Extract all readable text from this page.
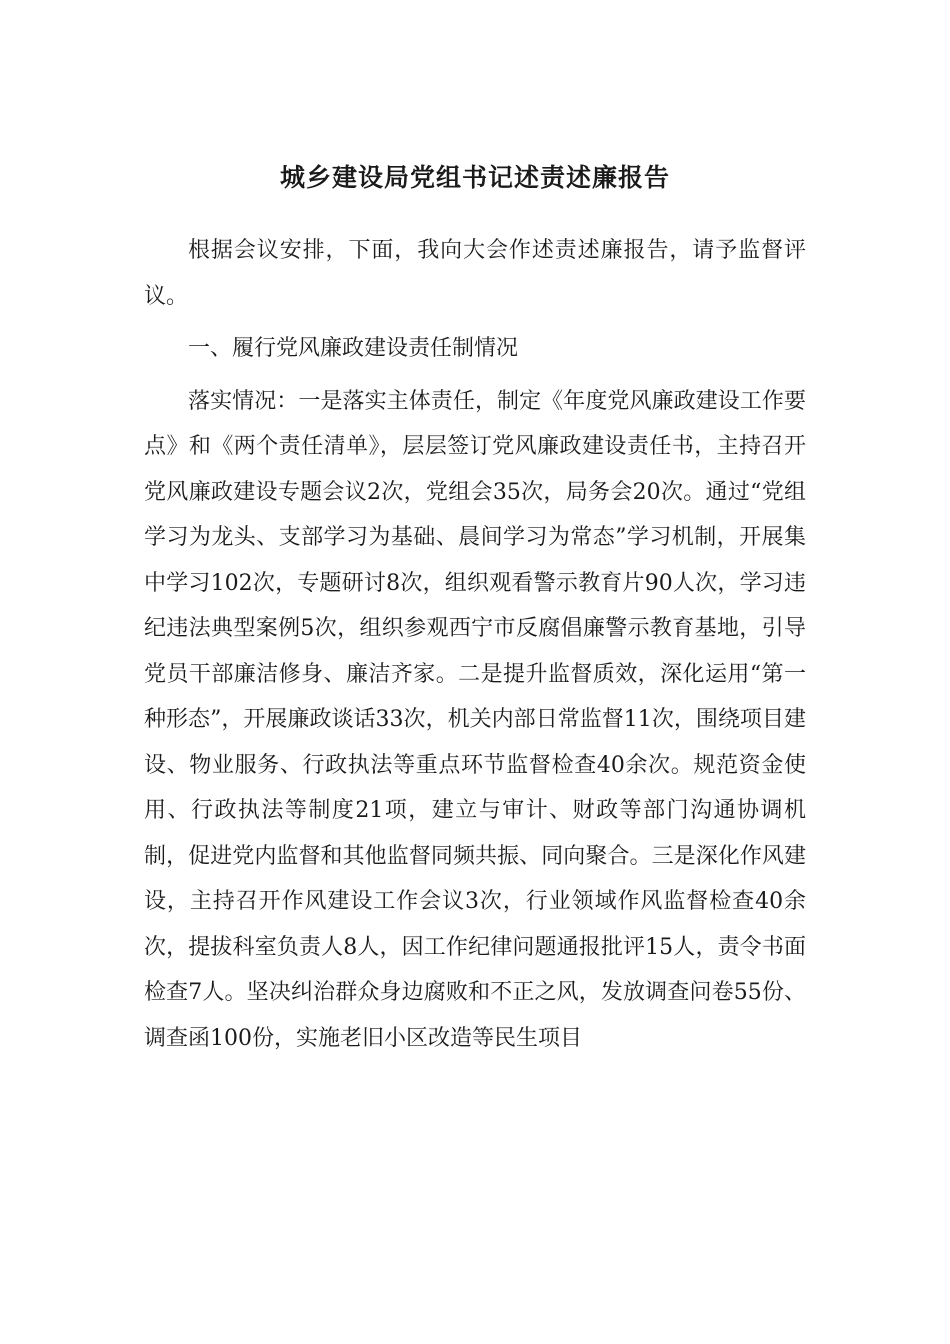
城乡建设局党组书记述责述廉报告

根据会议安排，下面，我向大会作述责述廉报告，请予监督评议。

一、履行党风廉政建设责任制情况

落实情况：一是落实主体责任，制定《年度党风廉政建设工作要点》和《两个责任清单》，层层签订党风廉政建设责任书，主持召开党风廉政建设专题会议2次，党组会35次，局务会20次。通过“党组学习为龙头、支部学习为基础、晨间学习为常态”学习机制，开展集中学习102次，专题研讨8次，组织观看警示教育片90人次，学习违纪违法典型案例5次，组织参观西宁市反腐倡廉警示教育基地，引导党员干部廉洁修身、廉洁齐家。二是提升监督质效，深化运用“第一种形态”，开展廉政谈话33次，机关内部日常监督11次，围绕项目建设、物业服务、行政执法等重点环节监督检查40余次。规范资金使用、行政执法等制度21项，建立与审计、财政等部门沟通协调机制，促进党内监督和其他监督同频共振、同向聚合。三是深化作风建设，主持召开作风建设工作会议3次，行业领域作风监督检查40余次，提拔科室负责人8人，因工作纪律问题通报批评15人，责令书面检查7人。坚决纠治群众身边腐败和不正之风，发放调查问卷55份、调查函100份，实施老旧小区改造等民生项目
